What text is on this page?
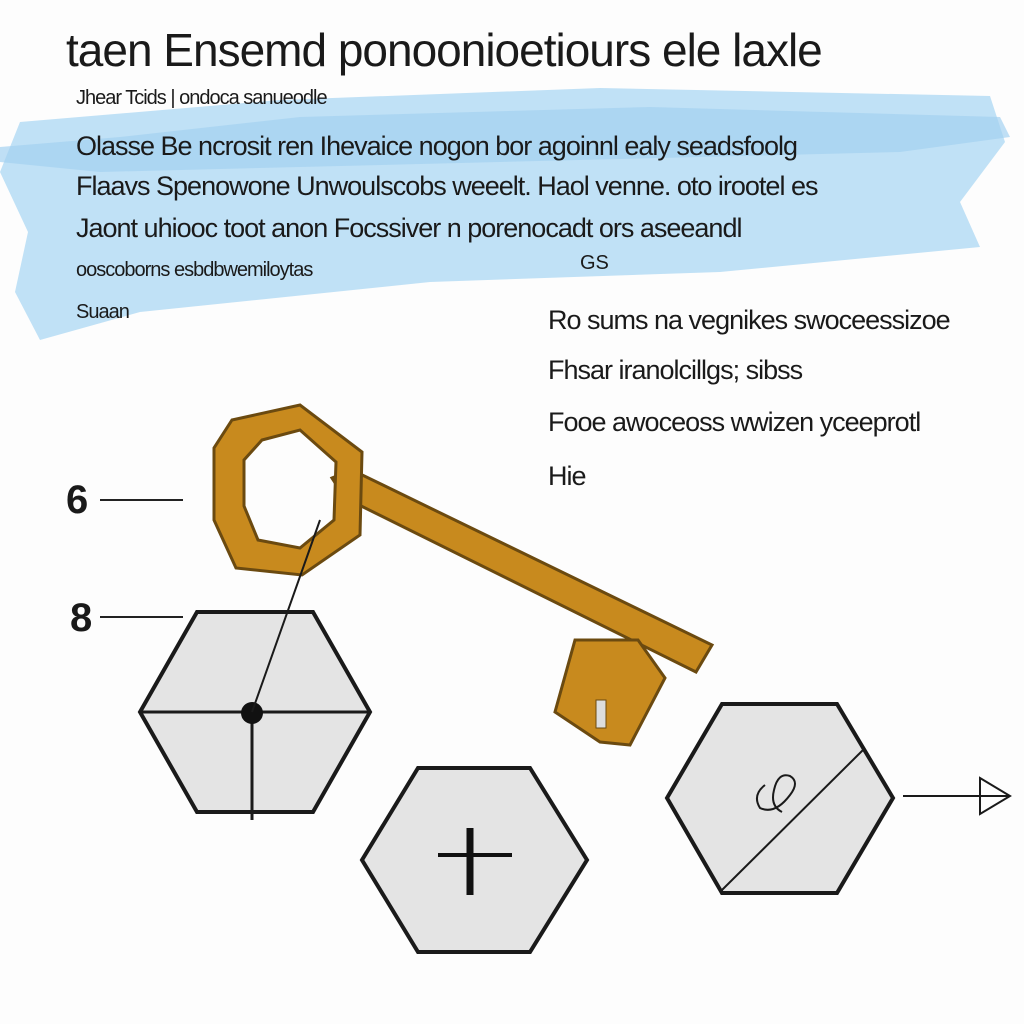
taen Ensemd ponoonioetiours ele laxle
Jhear Tcids | ondoca sanueodle
Olasse Be ncrosit ren Ihevaice nogon bor agoinnl ealy seadsfoolg
Flaavs Spenowone Unwoulscobs weeelt. Haol venne. oto irootel es
Jaont uhiooc toot anon Focssiver n porenocadt ors aseeandl
ooscoborns esbdbwemiloytas
Suaan
GS
Ro sums na vegnikes swoceessizoe
Fhsar iranolcillgs; sibss
Fooe awoceoss wwizen yceeprotl
Hie
6
8
